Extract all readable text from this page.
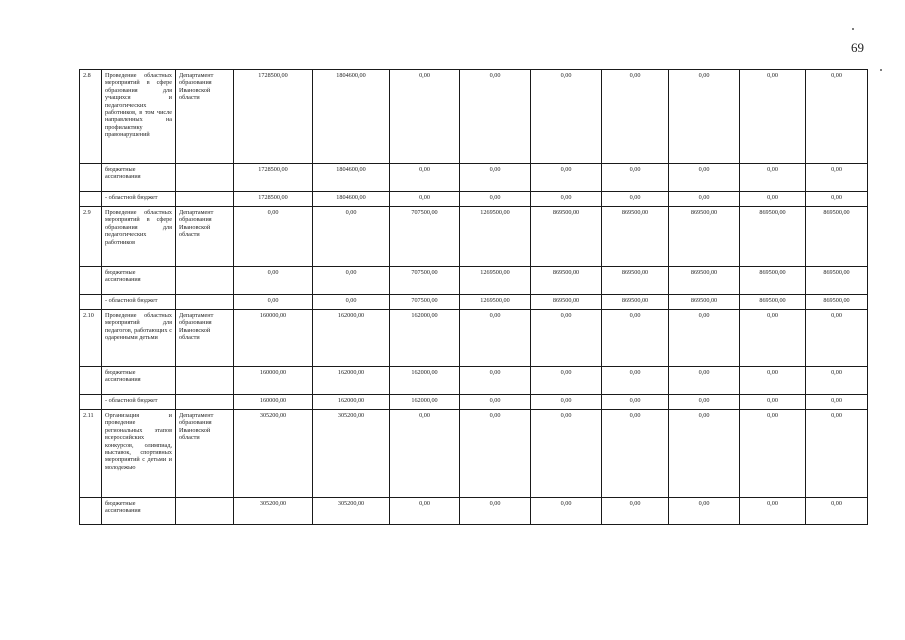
69
2.8	Проведение областных мероприятий в сфере образования для учащихся и педагогических работников, в том числе направленных на профилактику правонарушений	Департамент образования Ивановской области	1728500,00	1804600,00	0,00	0,00	0,00	0,00	0,00	0,00	0,00
	бюджетные ассигнования		1728500,00	1804600,00	0,00	0,00	0,00	0,00	0,00	0,00	0,00
	- областной бюджет		1728500,00	1804600,00	0,00	0,00	0,00	0,00	0,00	0,00	0,00
2.9	Проведение областных мероприятий в сфере образования для педагогических работников	Департамент образования Ивановской области	0,00	0,00	707500,00	1269500,00	869500,00	869500,00	869500,00	869500,00	869500,00
	бюджетные ассигнования		0,00	0,00	707500,00	1269500,00	869500,00	869500,00	869500,00	869500,00	869500,00
	- областной бюджет		0,00	0,00	707500,00	1269500,00	869500,00	869500,00	869500,00	869500,00	869500,00
2.10	Проведение областных мероприятий для педагогов, работающих с одаренными детьми	Департамент образования Ивановской области	160000,00	162000,00	162000,00	0,00	0,00	0,00	0,00	0,00	0,00
	бюджетные ассигнования		160000,00	162000,00	162000,00	0,00	0,00	0,00	0,00	0,00	0,00
	- областной бюджет		160000,00	162000,00	162000,00	0,00	0,00	0,00	0,00	0,00	0,00
2.11	Организация и проведение региональных этапов всероссийских конкурсов, олимпиад, выставок, спортивных мероприятий с детьми и молодежью	Департамент образования Ивановской области	305200,00	305200,00	0,00	0,00	0,00	0,00	0,00	0,00	0,00
	бюджетные ассигнования		305200,00	305200,00	0,00	0,00	0,00	0,00	0,00	0,00	0,00
